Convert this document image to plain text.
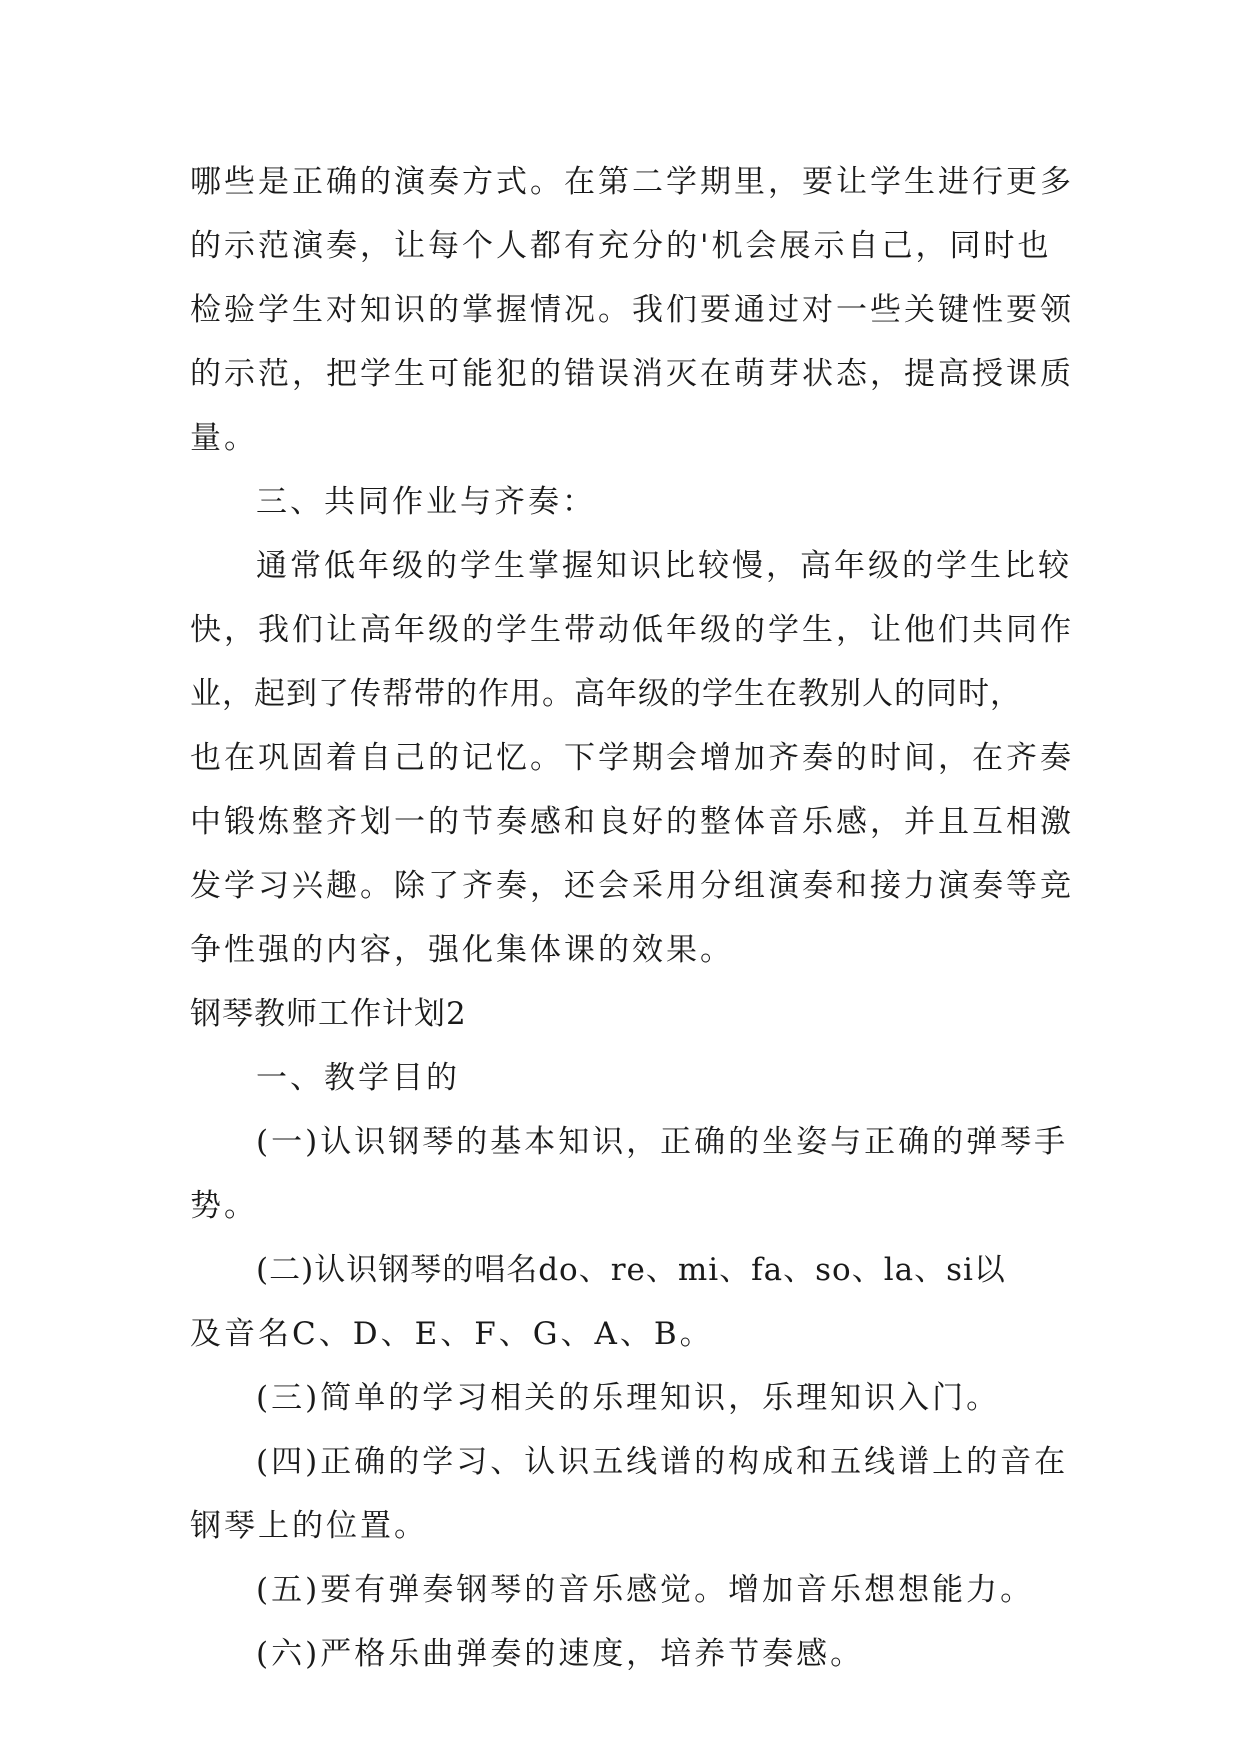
哪些是正确的演奏方式。在第二学期里，要让学生进行更多
的示范演奏，让每个人都有充分的'机会展示自己，同时也
检验学生对知识的掌握情况。我们要通过对一些关键性要领
的示范，把学生可能犯的错误消灭在萌芽状态，提高授课质
量。
三、共同作业与齐奏：
通常低年级的学生掌握知识比较慢，高年级的学生比较
快，我们让高年级的学生带动低年级的学生，让他们共同作
业，起到了传帮带的作用。高年级的学生在教别人的同时，
也在巩固着自己的记忆。下学期会增加齐奏的时间，在齐奏
中锻炼整齐划一的节奏感和良好的整体音乐感，并且互相激
发学习兴趣。除了齐奏，还会采用分组演奏和接力演奏等竞
争性强的内容，强化集体课的效果。
钢琴教师工作计划2
一、教学目的
(一)认识钢琴的基本知识，正确的坐姿与正确的弹琴手
势。
(二)认识钢琴的唱名do、re、mi、fa、so、la、si以
及音名C、D、E、F、G、A、B。
(三)简单的学习相关的乐理知识，乐理知识入门。
(四)正确的学习、认识五线谱的构成和五线谱上的音在
钢琴上的位置。
(五)要有弹奏钢琴的音乐感觉。增加音乐想想能力。
(六)严格乐曲弹奏的速度，培养节奏感。
